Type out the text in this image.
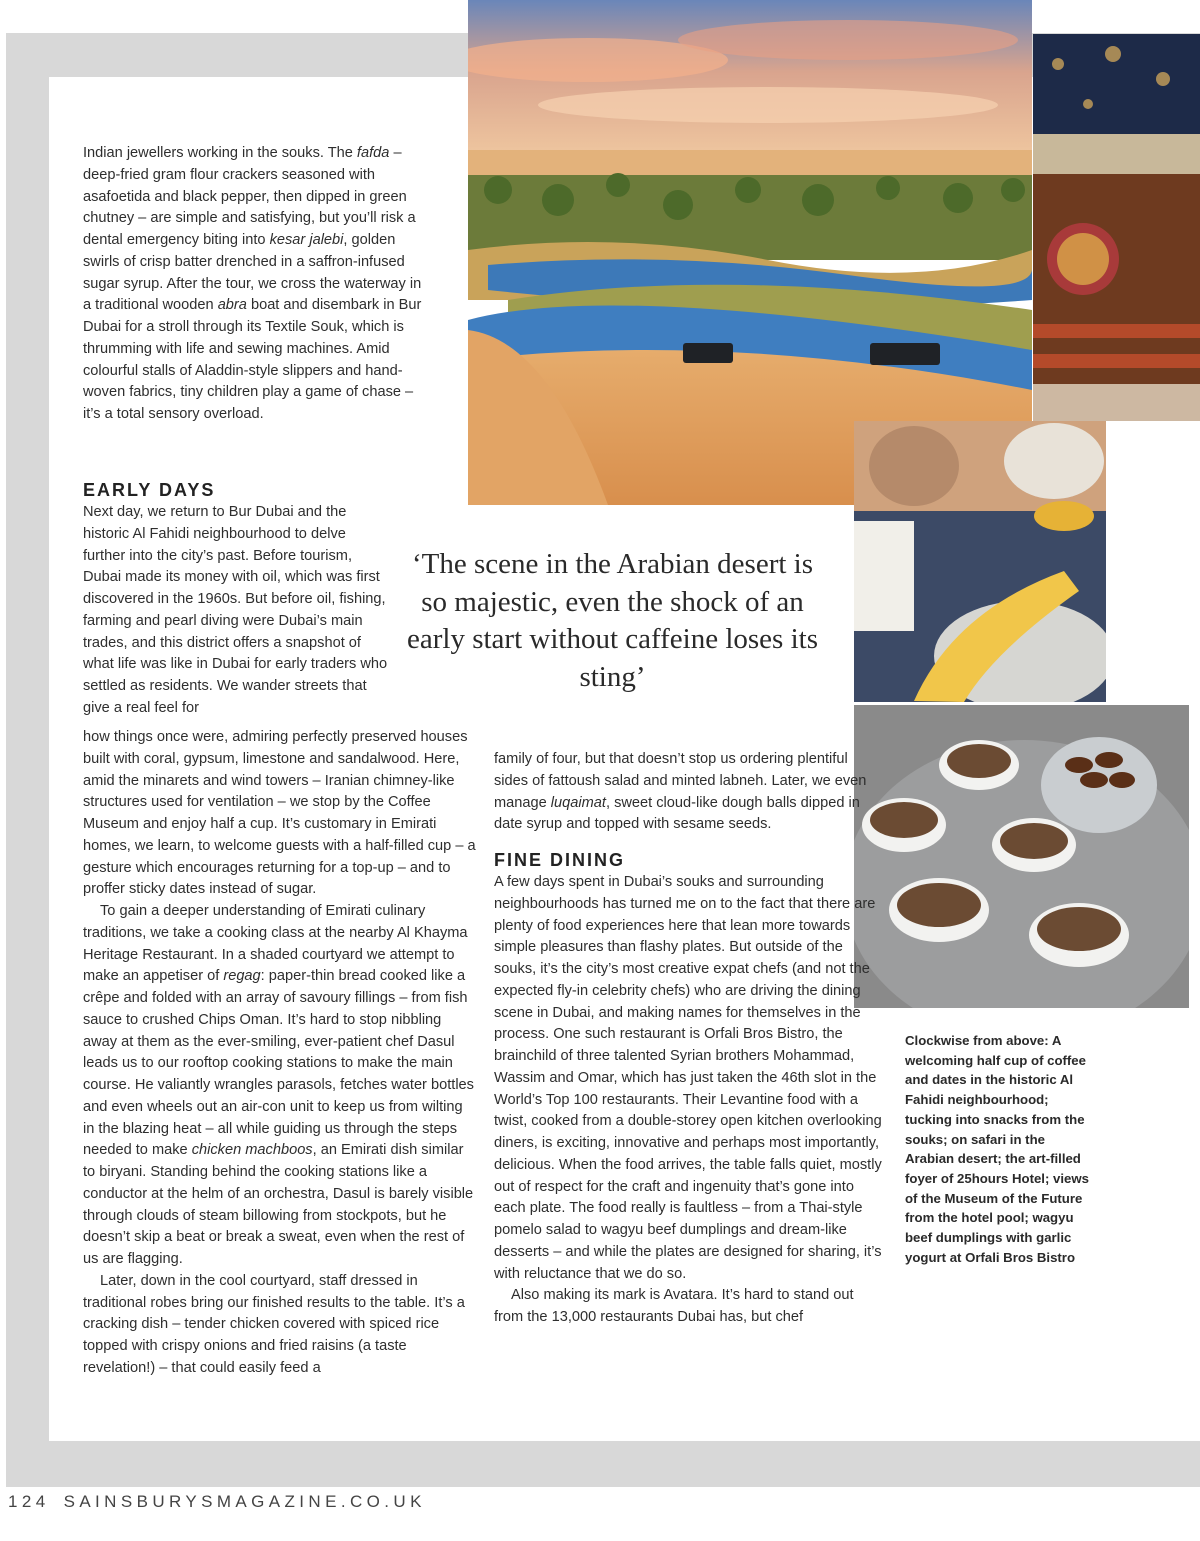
Indian jewellers working in the souks. The fafda – deep-fried gram flour crackers seasoned with asafoetida and black pepper, then dipped in green chutney – are simple and satisfying, but you’ll risk a dental emergency biting into kesar jalebi, golden swirls of crisp batter drenched in a saffron-infused sugar syrup. After the tour, we cross the waterway in a traditional wooden abra boat and disembark in Bur Dubai for a stroll through its Textile Souk, which is thrumming with life and sewing machines. Amid colourful stalls of Aladdin-style slippers and hand-woven fabrics, tiny children play a game of chase – it’s a total sensory overload.

EARLY DAYS

Next day, we return to Bur Dubai and the historic Al Fahidi neighbourhood to delve further into the city’s past. Before tourism, Dubai made its money with oil, which was first discovered in the 1960s. But before oil, fishing, farming and pearl diving were Dubai’s main trades, and this district offers a snapshot of what life was like in Dubai for early traders who settled as residents. We wander streets that give a real feel for

how things once were, admiring perfectly preserved houses built with coral, gypsum, limestone and sandalwood. Here, amid the minarets and wind towers – Iranian chimney-like structures used for ventilation – we stop by the Coffee Museum and enjoy half a cup. It’s customary in Emirati homes, we learn, to welcome guests with a half-filled cup – a gesture which encourages returning for a top-up – and to proffer sticky dates instead of sugar.

To gain a deeper understanding of Emirati culinary traditions, we take a cooking class at the nearby Al Khayma Heritage Restaurant. In a shaded courtyard we attempt to make an appetiser of regag: paper-thin bread cooked like a crêpe and folded with an array of savoury fillings – from fish sauce to crushed Chips Oman. It’s hard to stop nibbling away at them as the ever-smiling, ever-patient chef Dasul leads us to our rooftop cooking stations to make the main course. He valiantly wrangles parasols, fetches water bottles and even wheels out an air-con unit to keep us from wilting in the blazing heat – all while guiding us through the steps needed to make chicken machboos, an Emirati dish similar to biryani. Standing behind the cooking stations like a conductor at the helm of an orchestra, Dasul is barely visible through clouds of steam billowing from stockpots, but he doesn’t skip a beat or break a sweat, even when the rest of us are flagging.

Later, down in the cool courtyard, staff dressed in traditional robes bring our finished results to the table. It’s a cracking dish – tender chicken covered with spiced rice topped with crispy onions and fried raisins (a taste revelation!) – that could easily feed a

‘The scene in the Arabian desert is so majestic, even the shock of an early start without caffeine loses its sting’

family of four, but that doesn’t stop us ordering plentiful sides of fattoush salad and minted labneh. Later, we even manage luqaimat, sweet cloud-like dough balls dipped in date syrup and topped with sesame seeds.

FINE DINING

A few days spent in Dubai’s souks and surrounding neighbourhoods has turned me on to the fact that there are plenty of food experiences here that lean more towards simple pleasures than flashy plates. But outside of the souks, it’s the city’s most creative expat chefs (and not the expected fly-in celebrity chefs) who are driving the dining scene in Dubai, and making names for themselves in the process. One such restaurant is Orfali Bros Bistro, the brainchild of three talented Syrian brothers Mohammad, Wassim and Omar, which has just taken the 46th slot in the World’s Top 100 restaurants. Their Levantine food with a twist, cooked from a double-storey open kitchen overlooking diners, is exciting, innovative and perhaps most importantly, delicious. When the food arrives, the table falls quiet, mostly out of respect for the craft and ingenuity that’s gone into each plate. The food really is faultless – from a Thai-style pomelo salad to wagyu beef dumplings and dream-like desserts – and while the plates are designed for sharing, it’s with reluctance that we do so.

Also making its mark is Avatara. It’s hard to stand out from the 13,000 restaurants Dubai has, but chef

Clockwise from above: A welcoming half cup of coffee and dates in the historic Al Fahidi neighbourhood; tucking into snacks from the souks; on safari in the Arabian desert; the art-filled foyer of 25hours Hotel; views of the Museum of the Future from the hotel pool; wagyu beef dumplings with garlic yogurt at Orfali Bros Bistro
124 SAINSBURYSMAGAZINE.CO.UK
